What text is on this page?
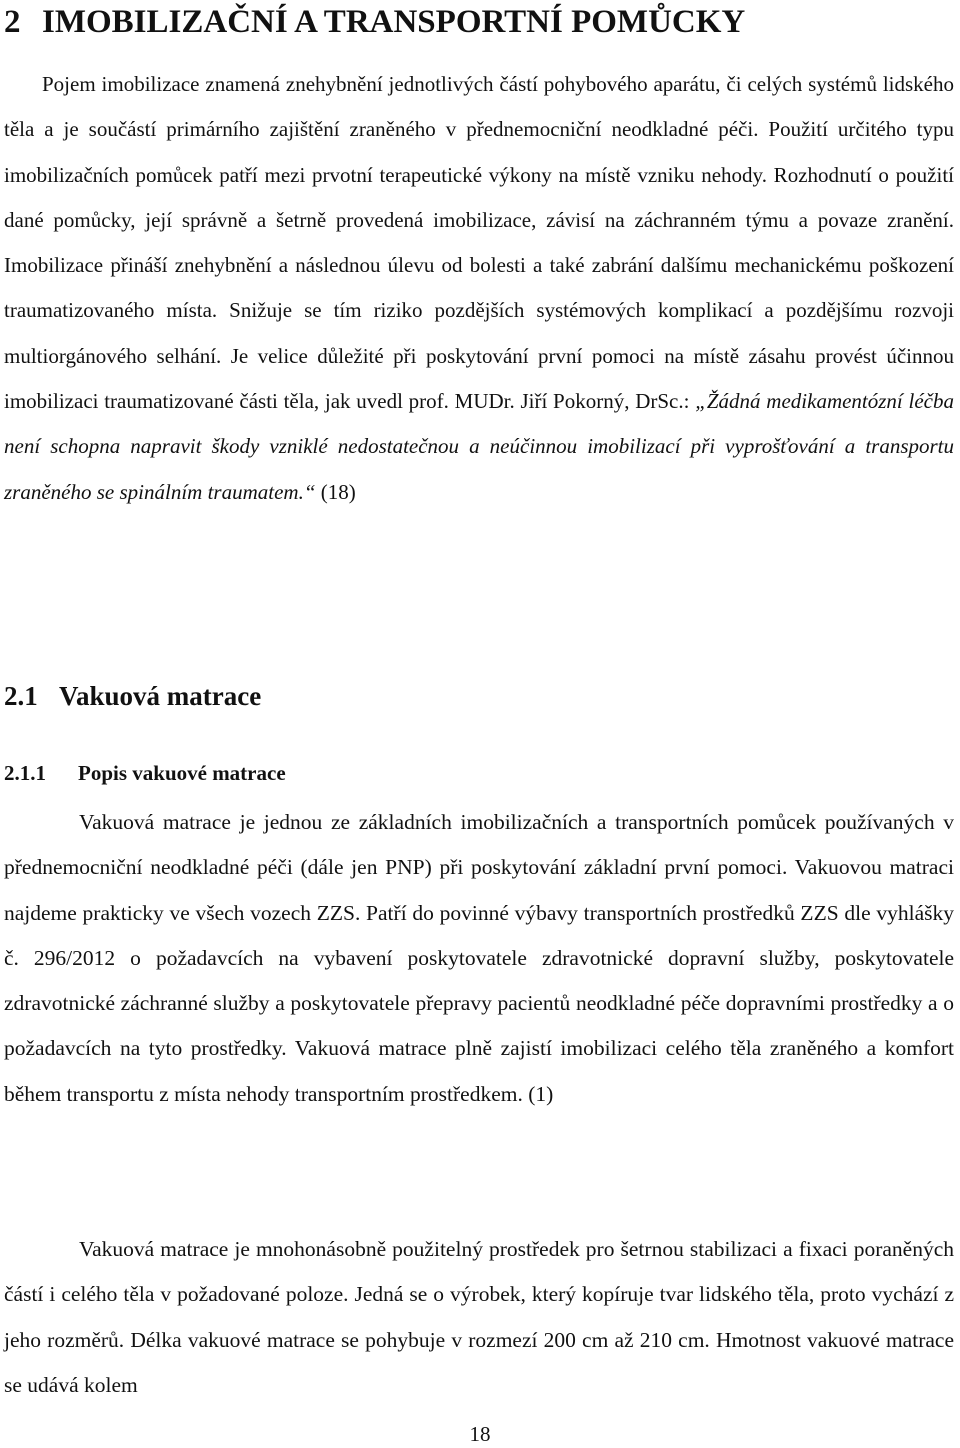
2 IMOBILIZAČNÍ A TRANSPORTNÍ POMŮCKY

Pojem imobilizace znamená znehybnění jednotlivých částí pohybového aparátu, či celých systémů lidského těla a je součástí primárního zajištění zraněného v přednemocniční neodkladné péči. Použití určitého typu imobilizačních pomůcek patří mezi prvotní terapeutické výkony na místě vzniku nehody. Rozhodnutí o použití dané pomůcky, její správně a šetrně provedená imobilizace, závisí na záchranném týmu a povaze zranění. Imobilizace přináší znehybnění a následnou úlevu od bolesti a také zabrání dalšímu mechanickému poškození traumatizovaného místa. Snižuje se tím riziko pozdějších systémových komplikací a pozdějšímu rozvoji multiorgánového selhání. Je velice důležité při poskytování první pomoci na místě zásahu provést účinnou imobilizaci traumatizované části těla, jak uvedl prof. MUDr. Jiří Pokorný, DrSc.: „Žádná medikamentózní léčba není schopna napravit škody vzniklé nedostatečnou a neúčinnou imobilizací při vyprošťování a transportu zraněného se spinálním traumatem.“ (18)

2.1 Vakuová matrace
2.1.1 Popis vakuové matrace

Vakuová matrace je jednou ze základních imobilizačních a transportních pomůcek používaných v přednemocniční neodkladné péči (dále jen PNP) při poskytování základní první pomoci. Vakuovou matraci najdeme prakticky ve všech vozech ZZS. Patří do povinné výbavy transportních prostředků ZZS dle vyhlášky č. 296/2012 o požadavcích na vybavení poskytovatele zdravotnické dopravní služby, poskytovatele zdravotnické záchranné služby a poskytovatele přepravy pacientů neodkladné péče dopravními prostředky a o požadavcích na tyto prostředky. Vakuová matrace plně zajistí imobilizaci celého těla zraněného a komfort během transportu z místa nehody transportním prostředkem. (1)

Vakuová matrace je mnohonásobně použitelný prostředek pro šetrnou stabilizaci a fixaci poraněných částí i celého těla v požadované poloze. Jedná se o výrobek, který kopíruje tvar lidského těla, proto vychází z jeho rozměrů. Délka vakuové matrace se pohybuje v rozmezí 200 cm až 210 cm. Hmotnost vakuové matrace se udává kolem

18
